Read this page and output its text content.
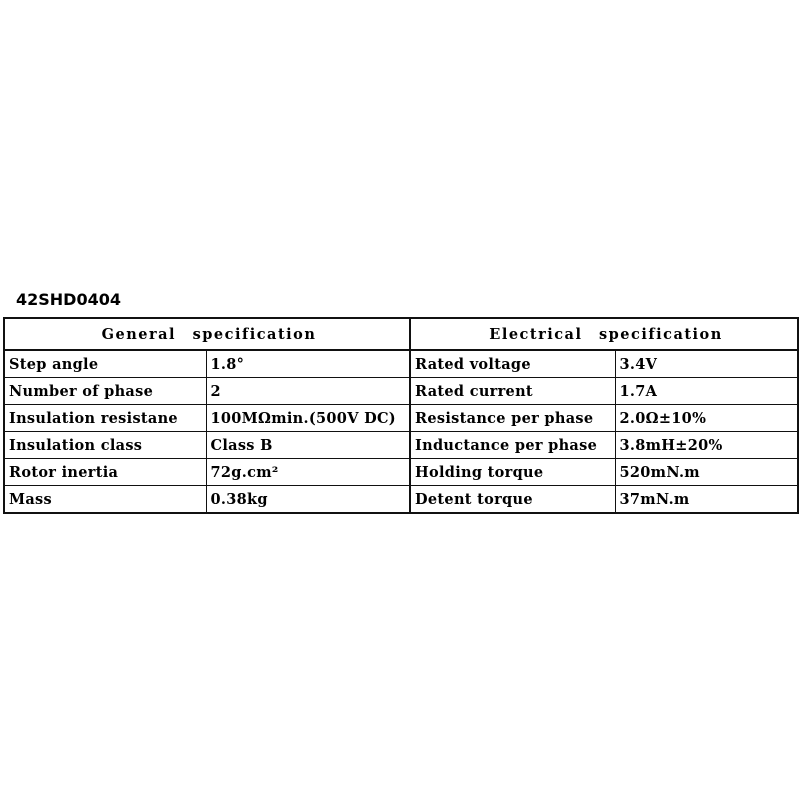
42SHD0404
General specification		Electrical specification	
Step angle	1.8°	Rated voltage	3.4V
Number of phase	2	Rated current	1.7A
Insulation resistane	100MΩmin.(500V DC)	Resistance per phase	2.0Ω±10%
Insulation class	Class B	Inductance per phase	3.8mH±20%
Rotor inertia	72g.cm²	Holding torque	520mN.m
Mass	0.38kg	Detent torque	37mN.m
